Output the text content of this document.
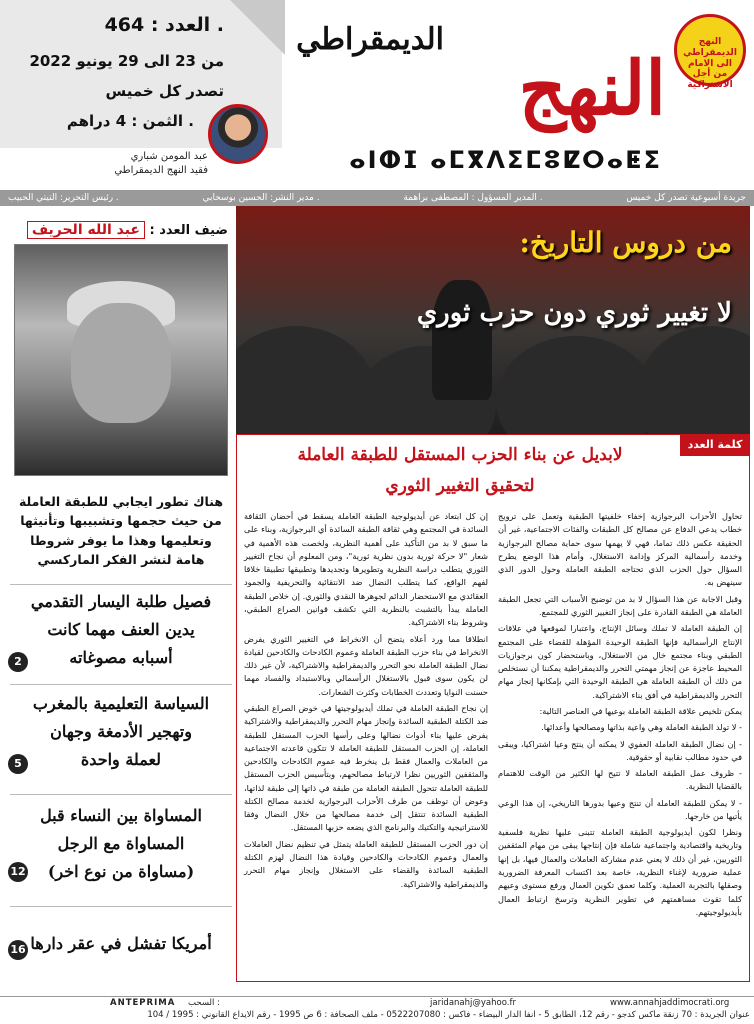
. العدد : 464
من 23 الى 29 يونيو 2022
تصدر كل خميس
. الثمن : 4 دراهم
عبد المومن شباري
فقيد النهج الديمقراطي
الديمقراطي
النهج
ⴰⵏⵀⵊ ⴰⵎⴳⴷⵉⵎⵓⵇⵔⴰⵟⵉ
النهج الديمقراطي الى الامام من أجل الاشتراكية
جريدة أسبوعية تصدر كل خميس
. المدير المسؤول : المصطفى براهمة
. مدير النشر: الحسين بوسحابي
. رئيس التحرير: التيتي الحبيب
ضيف العدد : عبد الله الحريف
هناك تطور ايجابي للطبقة العاملة من حيث حجمها وتشبيبها وتأنيثها وتعليمها وهذا ما يوفر شروطا هامة لنشر الفكر الماركسي
فصيل طلبة اليسار التقدمي
يدين العنف مهما كانت
أسبابه مصوغاته
2
السياسة التعليمية بالمغرب
وتهجير الأدمغة وجهان
لعملة واحدة
5
المساواة بين النساء قبل
المساواة مع الرجل
(مساواة من نوع اخر)
12
أمريكا تفشل في عقر دارها
16
من دروس التاريخ:
لا تغيير ثوري دون حزب ثوري
كلمة العدد
لابديل عن بناء الحزب المستقل للطبقة العاملة
لتحقيق التغيير الثوري

تحاول الأحزاب البرجوازية إخفاء خلفيتها الطبقية وتعمل على ترويج خطاب يدعي الدفاع عن مصالح كل الطبقات والفئات الاجتماعية، غير أن الحقيقة عكس ذلك تماما، فهي لا يهمها سوى حماية مصالح البرجوازية وخدمة رأسمالية المركز وإدامة الاستغلال، وأمام هذا الوضع يطرح السؤال حول الحزب الذي تحتاجه الطبقة العاملة وحول الدور الذي سينهض به.

وقبل الاجابة عن هذا السؤال لا بد من توضيح الأسباب التي تجعل الطبقة العاملة هي الطبقة القادرة على إنجاز التغيير الثوري للمجتمع.

إن الطبقة العاملة لا تملك وسائل الإنتاج، واعتبارا لموقعها في علاقات الإنتاج الرأسمالية فإنها الطبقة الوحيدة المؤهلة للقضاء على المجتمع الطبقي وبناء مجتمع خال من الاستغلال، وباستحضار كون برجوازيات المحيط عاجزة عن إنجاز مهمتي التحرر والديمقراطية يمكننا أن نستخلص من ذلك أن الطبقة العاملة هي الطبقة الوحيدة التي بإمكانها إنجاز مهام التحرر والديمقراطية في أفق بناء الاشتراكية.

يمكن تلخيص علاقة الطبقة العاملة بوعيها في العناصر التالية:

- لا تولد الطبقة العاملة وهي واعية بذاتها ومصالحها وأعدائها.

- إن نضال الطبقة العاملة العفوي لا يمكنه أن ينتج وعيا اشتراكيا، ويبقى في حدود مطالب نقابية أو حقوقية.

- ظروف عمل الطبقة العاملة لا تتيح لها الكثير من الوقت للاهتمام بالقضايا النظرية.

- لا يمكن للطبقة العاملة أن تنتج وعيها بدورها التاريخي، إن هذا الوعي يأتيها من خارجها.

ونظرا لكون أيديولوجية الطبقة العاملة تتبنى عليها نظرية فلسفية وتاريخية واقتصادية واجتماعية شاملة فإن إنتاجها يبقى من مهام المثقفين الثوريين، غير أن ذلك لا يعني عدم مشاركة العاملات والعمال فيها، بل إنها عملية ضرورية لإغناء النظرية، خاصة بعد اكتساب المعرفة الضرورية وصقلها بالتجربة العملية. وكلما تعمق تكوين العمال ورفع مستوى وعيهم كلما تقوت مساهمتهم في تطوير النظرية وترسخ ارتباط العمال بأيديولوجيتهم.

إن كل ابتعاد عن أيديولوجية الطبقة العاملة يسقط في أحضان الثقافة السائدة في المجتمع وهي ثقافة الطبقة السائدة أي البرجوازية، وبناء على ما سبق لا بد من التأكيد على أهمية النظرية، ولخصت هذه الأهمية في شعار "لا حركة ثورية بدون نظرية ثورية"، ومن المعلوم أن نجاح التغيير الثوري يتطلب دراسة النظرية وتطويرها وتجديدها وتطبيقها تطبيقا خلاقا لفهم الواقع، كما يتطلب النضال ضد الانتقائية والتحريفية والجمود العقائدي مع الاستحضار الدائم لجوهرها النقدي والثوري. إن خلاص الطبقة العاملة يبدأ بالتشبث بالنظرية التي تكشف قوانين الصراع الطبقي، وشروط بناء الاشتراكية.

انطلاقا مما ورد أعلاه يتضح أن الانخراط في التغيير الثوري يفرض الانخراط في بناء حزب الطبقة العاملة وعموم الكادحات والكادحين لقيادة نضال الطبقة العاملة نحو التحرر والديمقراطية والاشتراكية، لأن غير ذلك لن يكون سوى قبول بالاستغلال الرأسمالي وبالاستبداد والفساد مهما حسنت النوايا وتعددت الخطابات وكثرت الشعارات.

إن نجاح الطبقة العاملة في تملك أيديولوجيتها في خوض الصراع الطبقي ضد الكتلة الطبقية السائدة وإنجاز مهام التحرر والديمقراطية والاشتراكية يفرض عليها بناء أدوات نضالها وعلى رأسها الحزب المستقل للطبقة العاملة، إن الحزب المستقل للطبقة العاملة لا تتكون قاعدته الاجتماعية من العاملات والعمال فقط بل ينخرط فيه عموم الكادحات والكادحين والمثقفين الثوريين نظرا لارتباط مصالحهم، وبتأسيس الحزب المستقل للطبقة العاملة تتحول الطبقة العاملة من طبقة في ذاتها إلى طبقة لذاتها، وعوض أن توظف من طرف الأحزاب البرجوازية لخدمة مصالح الكتلة الطبقية السائدة تنتقل إلى خدمة مصالحها من خلال النضال وفقا للاستراتيجية والتكتيك والبرنامج الذي يضعه حزبها المستقل.

إن دور الحزب المستقل للطبقة العاملة يتمثل في تنظيم نضال العاملات والعمال وعموم الكادحات والكادحين وقيادة هذا النضال لهزم الكتلة الطبقية السائدة والقضاء على الاستغلال وإنجاز مهام التحرر والديمقراطية والاشتراكية.

ANTEPRIMA : السحب	jaridanahj@yahoo.fr	www.annahjaddimocrati.org
عنوان الجريدة : 70 زنقة ماكس كدجو - رقم 12، الطابق 5 - انفا الدار البيضاء - فاكس : 0522207080 - ملف الصحافة : 6 ص 1995 - رقم الايداع القانوني : 1995 / 104
